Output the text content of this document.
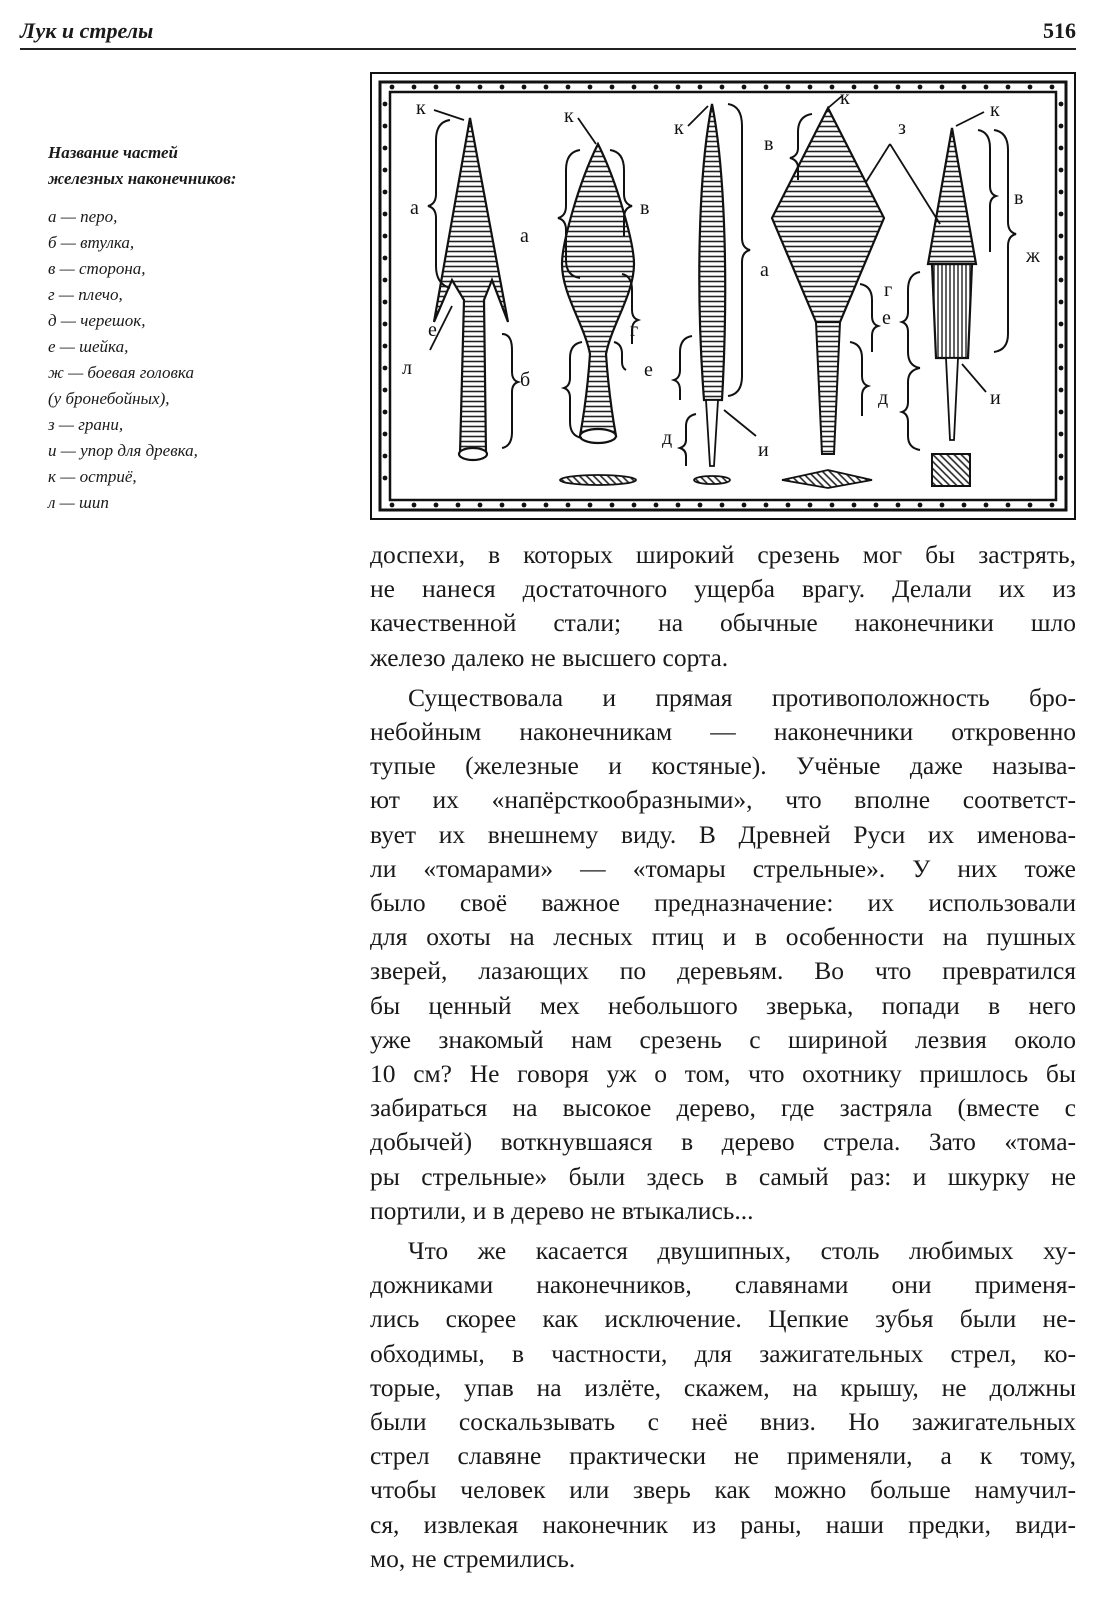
Лук и стрелы	516
Название частей
железных наконечников:
а — перо,
б — втулка,
в — сторона,
г — плечо,
д — черешок,
е — шейка,
ж — боевая головка
(у бронебойных),
з — грани,
и — упор для древка,
к — остриё,
л — шип
к	к
к
к
к
а
е
л
б
а
в
г
е
а
д
и
в
з
г
е
д
в
ж
и

доспехи, в которых широкий срезень мог бы застрять,
не нанеся достаточного ущерба врагу. Делали их из
качественной стали; на обычные наконечники шло
железо далеко не высшего сорта.

Существовала и прямая противоположность бро-
небойным наконечникам — наконечники откровенно
тупые (железные и костяные). Учёные даже называ-
ют их «напёрсткообразными», что вполне соответст-
вует их внешнему виду. В Древней Руси их именова-
ли «томарами» — «томары стрельные». У них тоже
было своё важное предназначение: их использовали
для охоты на лесных птиц и в особенности на пушных
зверей, лазающих по деревьям. Во что превратился
бы ценный мех небольшого зверька, попади в него
уже знакомый нам срезень с шириной лезвия около
10 см? Не говоря уж о том, что охотнику пришлось бы
забираться на высокое дерево, где застряла (вместе с
добычей) воткнувшаяся в дерево стрела. Зато «тома-
ры стрельные» были здесь в самый раз: и шкурку не
портили, и в дерево не втыкались...

Что же касается двушипных, столь любимых ху-
дожниками наконечников, славянами они применя-
лись скорее как исключение. Цепкие зубья были не-
обходимы, в частности, для зажигательных стрел, ко-
торые, упав на излёте, скажем, на крышу, не должны
были соскальзывать с неё вниз. Но зажигательных
стрел славяне практически не применяли, а к тому,
чтобы человек или зверь как можно больше намучил-
ся, извлекая наконечник из раны, наши предки, види-
мо, не стремились.
